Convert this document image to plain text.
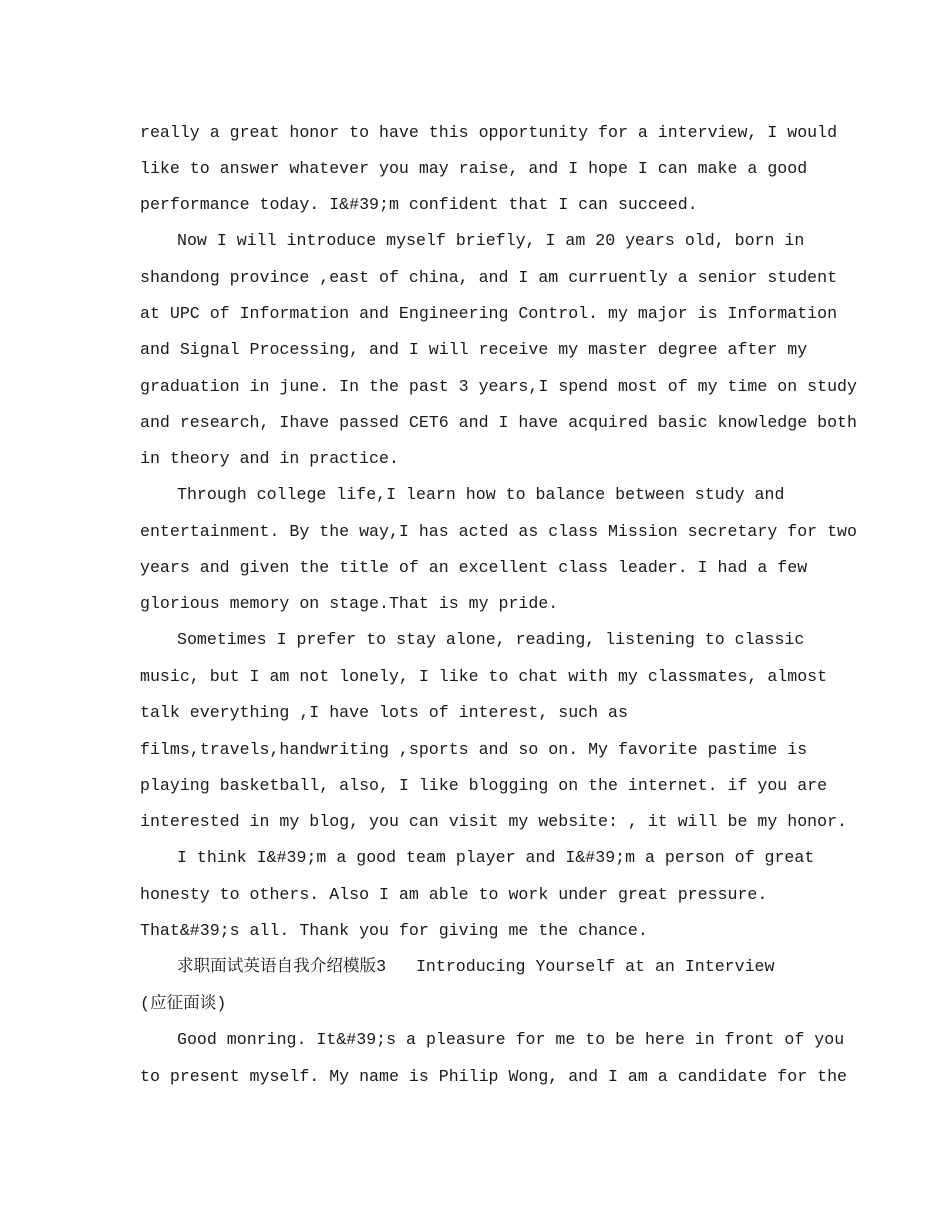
really a great honor to have this opportunity for a interview, I would
like to answer whatever you may raise, and I hope I can make a good
performance today. I&#39;m confident that I can succeed.
Now I will introduce myself briefly, I am 20 years old, born in
shandong province ,east of china, and I am curruently a senior student
at UPC of Information and Engineering Control. my major is Information
and Signal Processing, and I will receive my master degree after my
graduation in june. In the past 3 years,I spend most of my time on study
and research, Ihave passed CET6 and I have acquired basic knowledge both
in theory and in practice.
Through college life,I learn how to balance between study and
entertainment. By the way,I has acted as class Mission secretary for two
years and given the title of an excellent class leader. I had a few
glorious memory on stage.That is my pride.
Sometimes I prefer to stay alone, reading, listening to classic
music, but I am not lonely, I like to chat with my classmates, almost
talk everything ,I have lots of interest, such as
films,travels,handwriting ,sports and so on. My favorite pastime is
playing basketball, also, I like blogging on the internet. if you are
interested in my blog, you can visit my website: , it will be my honor.
I think I&#39;m a good team player and I&#39;m a person of great
honesty to others. Also I am able to work under great pressure.
That&#39;s all. Thank you for giving me the chance.
求职面试英语自我介绍模版3   Introducing Yourself at an Interview
(应征面谈)
Good monring. It&#39;s a pleasure for me to be here in front of you
to present myself. My name is Philip Wong, and I am a candidate for the
